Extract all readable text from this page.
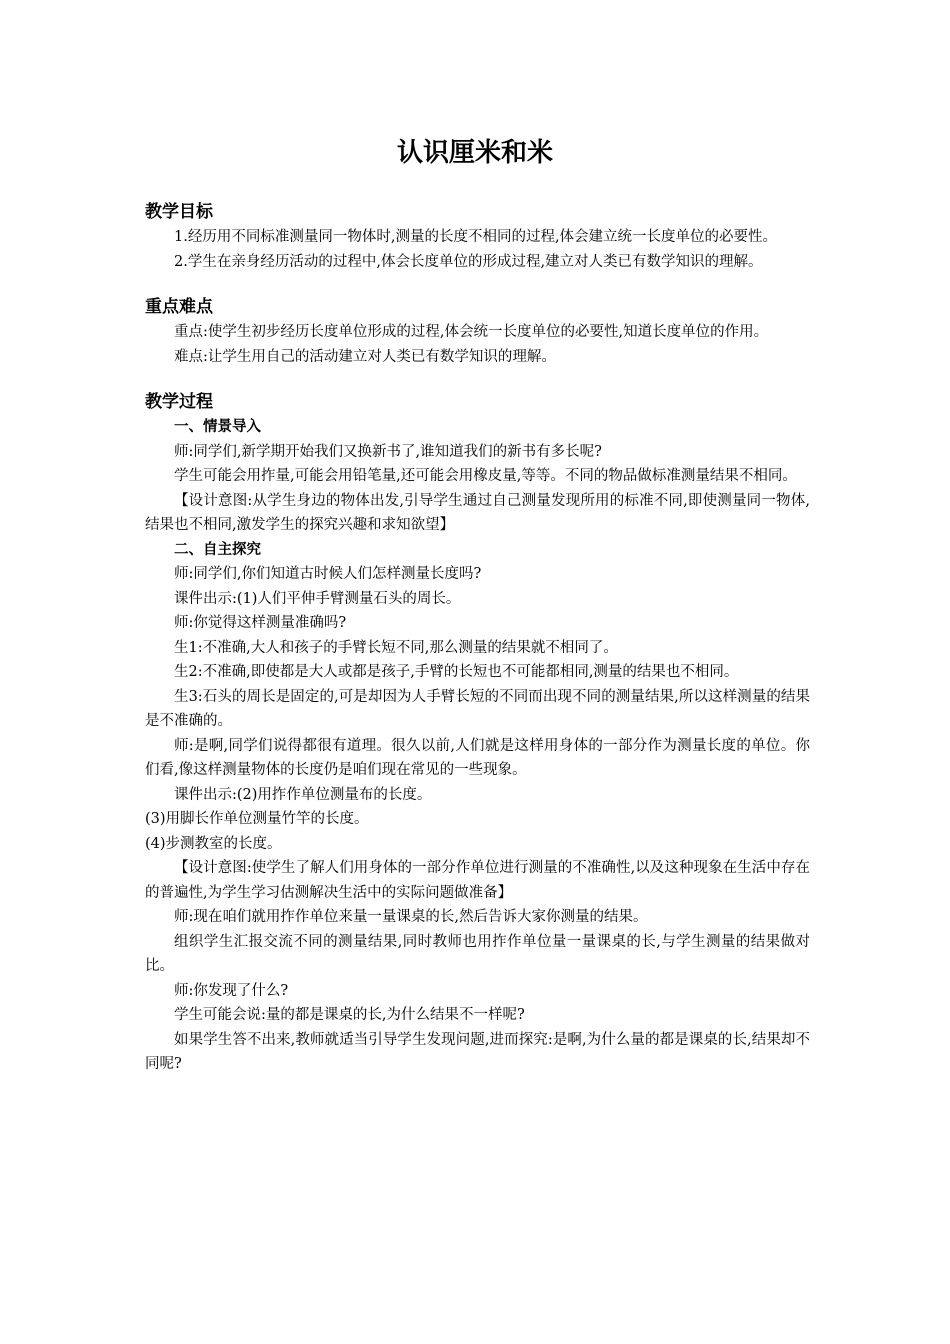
认识厘米和米
教学目标

1.经历用不同标准测量同一物体时,测量的长度不相同的过程,体会建立统一长度单位的必要性。

2.学生在亲身经历活动的过程中,体会长度单位的形成过程,建立对人类已有数学知识的理解。

重点难点

重点:使学生初步经历长度单位形成的过程,体会统一长度单位的必要性,知道长度单位的作用。

难点:让学生用自己的活动建立对人类已有数学知识的理解。

教学过程
一、情景导入

师:同学们,新学期开始我们又换新书了,谁知道我们的新书有多长呢?

学生可能会用拃量,可能会用铅笔量,还可能会用橡皮量,等等。不同的物品做标准测量结果不相同。

【设计意图:从学生身边的物体出发,引导学生通过自己测量发现所用的标准不同,即使测量同一物体,结果也不相同,激发学生的探究兴趣和求知欲望】

二、自主探究

师:同学们,你们知道古时候人们怎样测量长度吗?

课件出示:(1)人们平伸手臂测量石头的周长。

师:你觉得这样测量准确吗?

生1:不准确,大人和孩子的手臂长短不同,那么测量的结果就不相同了。

生2:不准确,即使都是大人或都是孩子,手臂的长短也不可能都相同,测量的结果也不相同。

生3:石头的周长是固定的,可是却因为人手臂长短的不同而出现不同的测量结果,所以这样测量的结果是不准确的。

师:是啊,同学们说得都很有道理。很久以前,人们就是这样用身体的一部分作为测量长度的单位。你们看,像这样测量物体的长度仍是咱们现在常见的一些现象。

课件出示:(2)用拃作单位测量布的长度。

(3)用脚长作单位测量竹竿的长度。

(4)步测教室的长度。

【设计意图:使学生了解人们用身体的一部分作单位进行测量的不准确性,以及这种现象在生活中存在的普遍性,为学生学习估测解决生活中的实际问题做准备】

师:现在咱们就用拃作单位来量一量课桌的长,然后告诉大家你测量的结果。

组织学生汇报交流不同的测量结果,同时教师也用拃作单位量一量课桌的长,与学生测量的结果做对比。

师:你发现了什么?

学生可能会说:量的都是课桌的长,为什么结果不一样呢?

如果学生答不出来,教师就适当引导学生发现问题,进而探究:是啊,为什么量的都是课桌的长,结果却不同呢?
